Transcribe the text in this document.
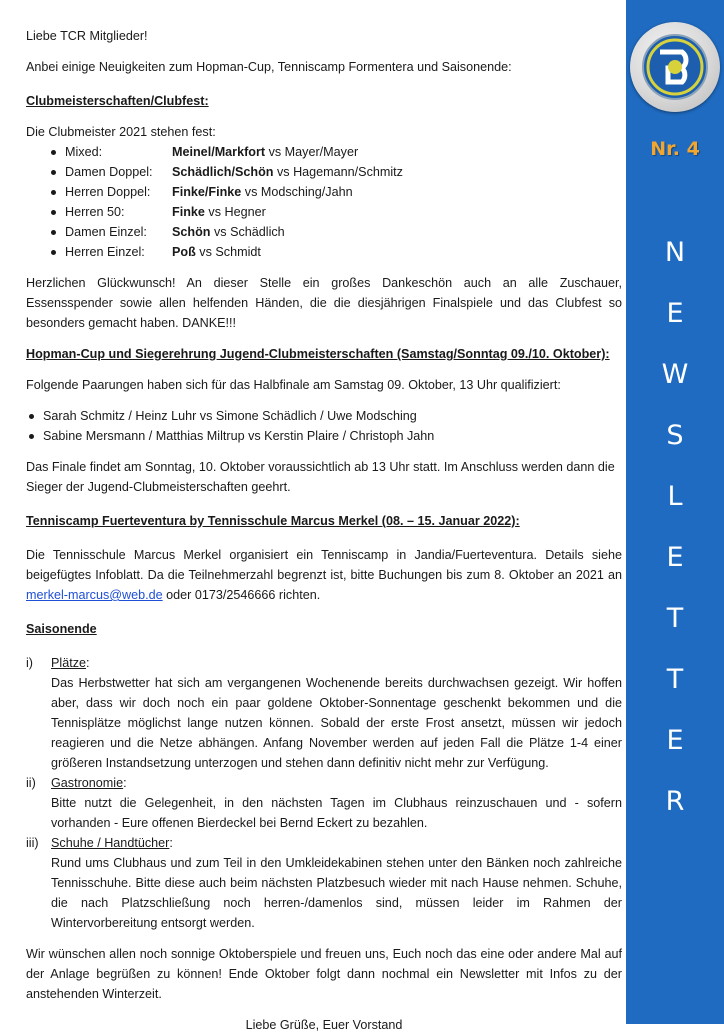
Liebe TCR Mitglieder!

Anbei einige Neuigkeiten zum Hopman-Cup, Tenniscamp Formentera und Saisonende:

Clubmeisterschaften/Clubfest:

Die Clubmeister 2021 stehen fest:

Mixed:	Meinel/Markfort vs Mayer/Mayer
Damen Doppel:	Schädlich/Schön vs Hagemann/Schmitz
Herren Doppel:	Finke/Finke vs Modsching/Jahn
Herren 50:	Finke vs Hegner
Damen Einzel:	Schön vs Schädlich
Herren Einzel:	Poß vs Schmidt

Herzlichen Glückwunsch! An dieser Stelle ein großes Dankeschön auch an alle Zuschauer, Essensspender sowie allen helfenden Händen, die die diesjährigen Finalspiele und das Clubfest so besonders gemacht haben. DANKE!!!

Hopman-Cup und Siegerehrung Jugend-Clubmeisterschaften (Samstag/Sonntag 09./10. Oktober):

Folgende Paarungen haben sich für das Halbfinale am Samstag 09. Oktober, 13 Uhr qualifiziert:

Sarah Schmitz / Heinz Luhr vs Simone Schädlich / Uwe Modsching
Sabine Mersmann / Matthias Miltrup vs Kerstin Plaire / Christoph Jahn

Das Finale findet am Sonntag, 10. Oktober voraussichtlich ab 13 Uhr statt. Im Anschluss werden dann die Sieger der Jugend-Clubmeisterschaften geehrt.

Tenniscamp Fuerteventura by Tennisschule Marcus Merkel (08. – 15. Januar 2022):

Die Tennisschule Marcus Merkel organisiert ein Tenniscamp in Jandia/Fuerteventura. Details siehe beigefügtes Infoblatt. Da die Teilnehmerzahl begrenzt ist, bitte Buchungen bis zum 8. Oktober an 2021 an merkel-marcus@web.de oder 0173/2546666 richten.

Saisonende

i) Plätze:
Das Herbstwetter hat sich am vergangenen Wochenende bereits durchwachsen gezeigt. Wir hoffen aber, dass wir doch noch ein paar goldene Oktober-Sonnentage geschenkt bekommen und die Tennisplätze möglichst lange nutzen können. Sobald der erste Frost ansetzt, müssen wir jedoch reagieren und die Netze abhängen. Anfang November werden auf jeden Fall die Plätze 1-4 einer größeren Instandsetzung unterzogen und stehen dann definitiv nicht mehr zur Verfügung.
ii) Gastronomie:
Bitte nutzt die Gelegenheit, in den nächsten Tagen im Clubhaus reinzuschauen und - sofern vorhanden - Eure offenen Bierdeckel bei Bernd Eckert zu bezahlen.
iii) Schuhe / Handtücher:
Rund ums Clubhaus und zum Teil in den Umkleidekabinen stehen unter den Bänken noch zahlreiche Tennisschuhe. Bitte diese auch beim nächsten Platzbesuch wieder mit nach Hause nehmen. Schuhe, die nach Platzschließung noch herren-/damenlos sind, müssen leider im Rahmen der Wintervorbereitung entsorgt werden.

Wir wünschen allen noch sonnige Oktoberspiele und freuen uns, Euch noch das eine oder andere Mal auf der Anlage begrüßen zu können! Ende Oktober folgt dann nochmal ein Newsletter mit Infos zu der anstehenden Winterzeit.

Liebe Grüße, Euer Vorstand

Nr. 4
N
E
W
S
L
E
T
T
E
R
